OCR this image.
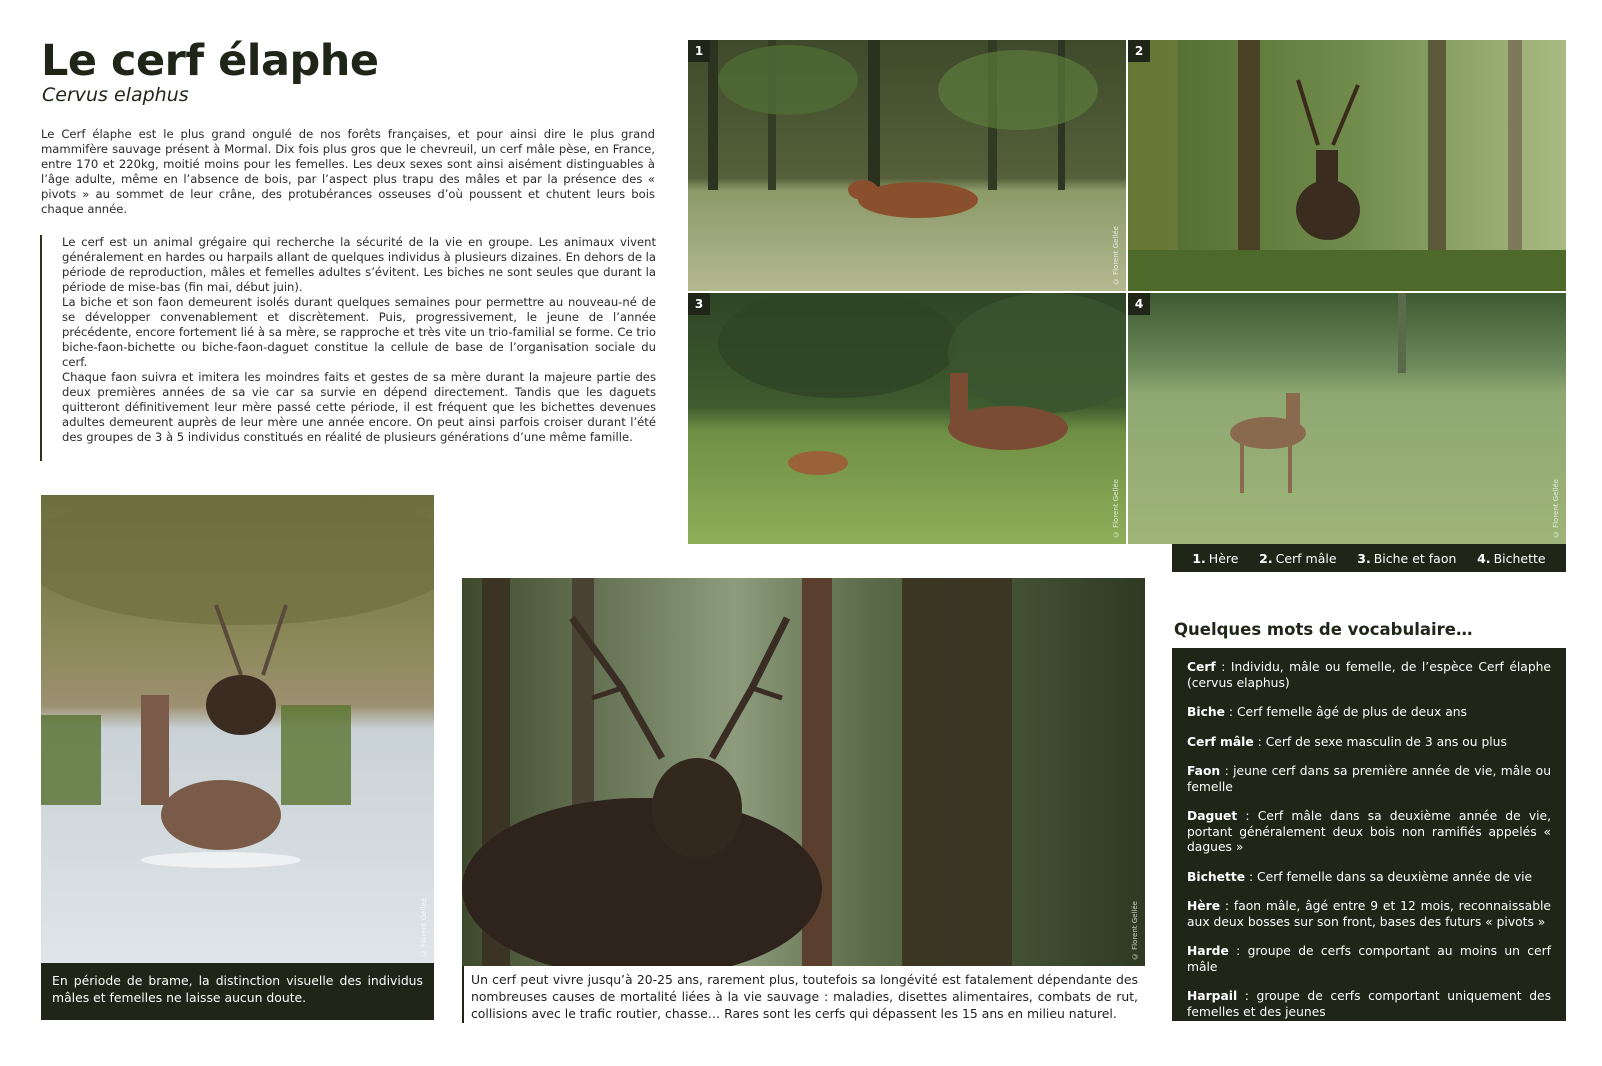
Le cerf élaphe
Cervus elaphus

Le Cerf élaphe est le plus grand ongulé de nos forêts françaises, et pour ainsi dire le plus grand mammifère sauvage présent à Mormal. Dix fois plus gros que le chevreuil, un cerf mâle pèse, en France, entre 170 et 220kg, moitié moins pour les femelles. Les deux sexes sont ainsi aisément distinguables à l’âge adulte, même en l’absence de bois, par l’aspect plus trapu des mâles et par la présence des « pivots » au sommet de leur crâne, des protubérances osseuses d’où poussent et chutent leurs bois chaque année.

Le cerf est un animal grégaire qui recherche la sécurité de la vie en groupe. Les animaux vivent généralement en hardes ou harpails allant de quelques individus à plusieurs dizaines. En dehors de la période de reproduction, mâles et femelles adultes s’évitent. Les biches ne sont seules que durant la période de mise-bas (fin mai, début juin).

La biche et son faon demeurent isolés durant quelques semaines pour permettre au nouveau-né de se développer convenablement et discrètement. Puis, progressivement, le jeune de l’année précédente, encore fortement lié à sa mère, se rapproche et très vite un trio-familial se forme. Ce trio biche-faon-bichette ou biche-faon-daguet constitue la cellule de base de l’organisation sociale du cerf.

Chaque faon suivra et imitera les moindres faits et gestes de sa mère durant la majeure partie des deux premières années de sa vie car sa survie en dépend directement. Tandis que les daguets quitteront définitivement leur mère passé cette période, il est fréquent que les bichettes devenues adultes demeurent auprès de leur mère une année encore. On peut ainsi parfois croiser durant l’été des groupes de 3 à 5 individus constitués en réalité de plusieurs générations d’une même famille.

1
© Florent Gellée
2
3
© Florent Gellée
4
© Florent Gellée
1. Hère 2. Cerf mâle 3. Biche et faon 4. Bichette
© Florent Gellée
En période de brame, la distinction visuelle des individus mâles et femelles ne laisse aucun doute.
© Florent Gellée
Un cerf peut vivre jusqu’à 20-25 ans, rarement plus, toutefois sa longévité est fatalement dépendante des nombreuses causes de mortalité liées à la vie sauvage : maladies, disettes alimentaires, combats de rut, collisions avec le trafic routier, chasse… Rares sont les cerfs qui dépassent les 15 ans en milieu naturel.
Quelques mots de vocabulaire…
Cerf : Individu, mâle ou femelle, de l’espèce Cerf élaphe (cervus elaphus)
Biche : Cerf femelle âgé de plus de deux ans
Cerf mâle : Cerf de sexe masculin de 3 ans ou plus
Faon : jeune cerf dans sa première année de vie, mâle ou femelle
Daguet : Cerf mâle dans sa deuxième année de vie, portant généralement deux bois non ramifiés appelés « dagues »
Bichette : Cerf femelle dans sa deuxième année de vie
Hère : faon mâle, âgé entre 9 et 12 mois, reconnaissable aux deux bosses sur son front, bases des futurs « pivots »
Harde : groupe de cerfs comportant au moins un cerf mâle
Harpail : groupe de cerfs comportant uniquement des femelles et des jeunes
